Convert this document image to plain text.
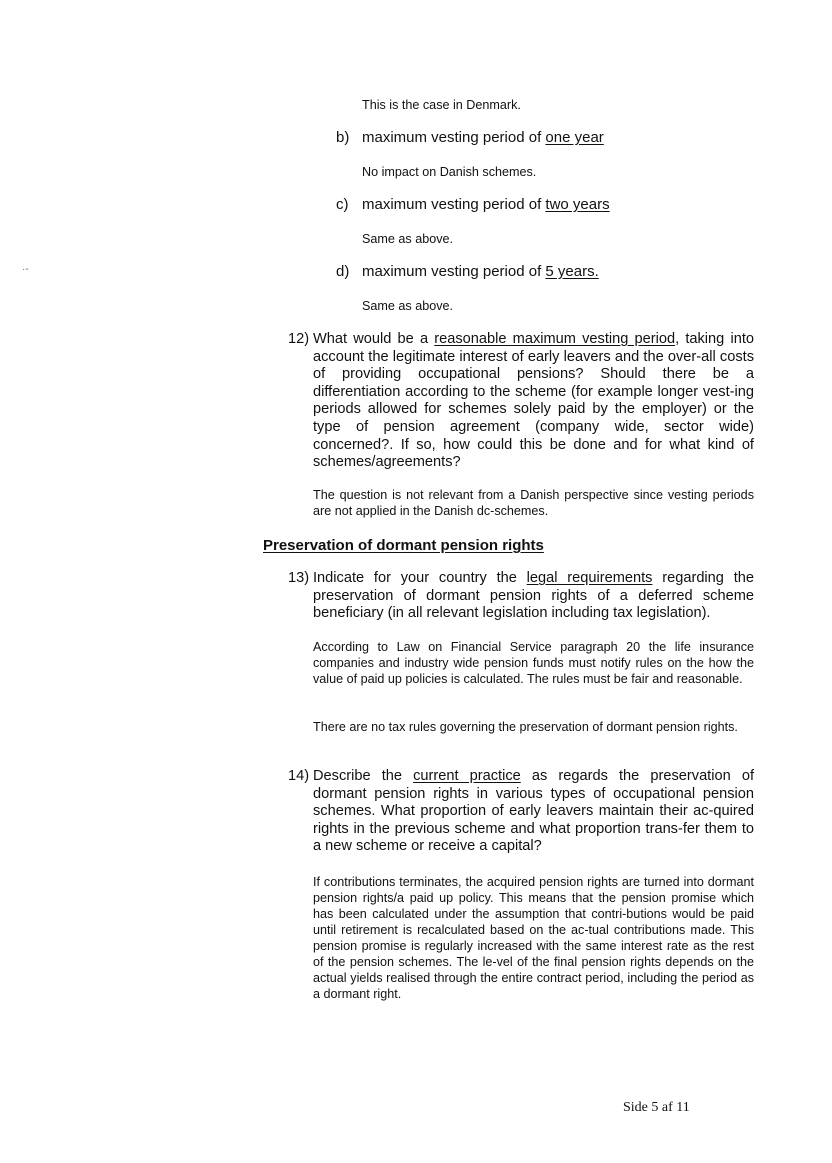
This is the case in Denmark.
b) maximum vesting period of one year
No impact on Danish schemes.
c) maximum vesting period of two years
Same as above.
d) maximum vesting period of 5 years.
Same as above.
·-
12) What would be a reasonable maximum vesting period, taking into account the legitimate interest of early leavers and the over-all costs of providing occupational pensions? Should there be a differentiation according to the scheme (for example longer vest-ing periods allowed for schemes solely paid by the employer) or the type of pension agreement (company wide, sector wide) concerned?. If so, how could this be done and for what kind of schemes/agreements?
The question is not relevant from a Danish perspective since vesting periods are not applied in the Danish dc-schemes.
Preservation of dormant pension rights
13) Indicate for your country the legal requirements regarding the preservation of dormant pension rights of a deferred scheme beneficiary (in all relevant legislation including tax legislation).
According to Law on Financial Service paragraph 20 the life insurance companies and industry wide pension funds must notify rules on the how the value of paid up policies is calculated. The rules must be fair and reasonable.
There are no tax rules governing the preservation of dormant pension rights.
14) Describe the current practice as regards the preservation of dormant pension rights in various types of occupational pension schemes. What proportion of early leavers maintain their ac-quired rights in the previous scheme and what proportion trans-fer them to a new scheme or receive a capital?
If contributions terminates, the acquired pension rights are turned into dormant pension rights/a paid up policy. This means that the pension promise which has been calculated under the assumption that contri-butions would be paid until retirement is recalculated based on the ac-tual contributions made. This pension promise is regularly increased with the same interest rate as the rest of the pension schemes. The le-vel of the final pension rights depends on the actual yields realised through the entire contract period, including the period as a dormant right.
Side 5 af 11
